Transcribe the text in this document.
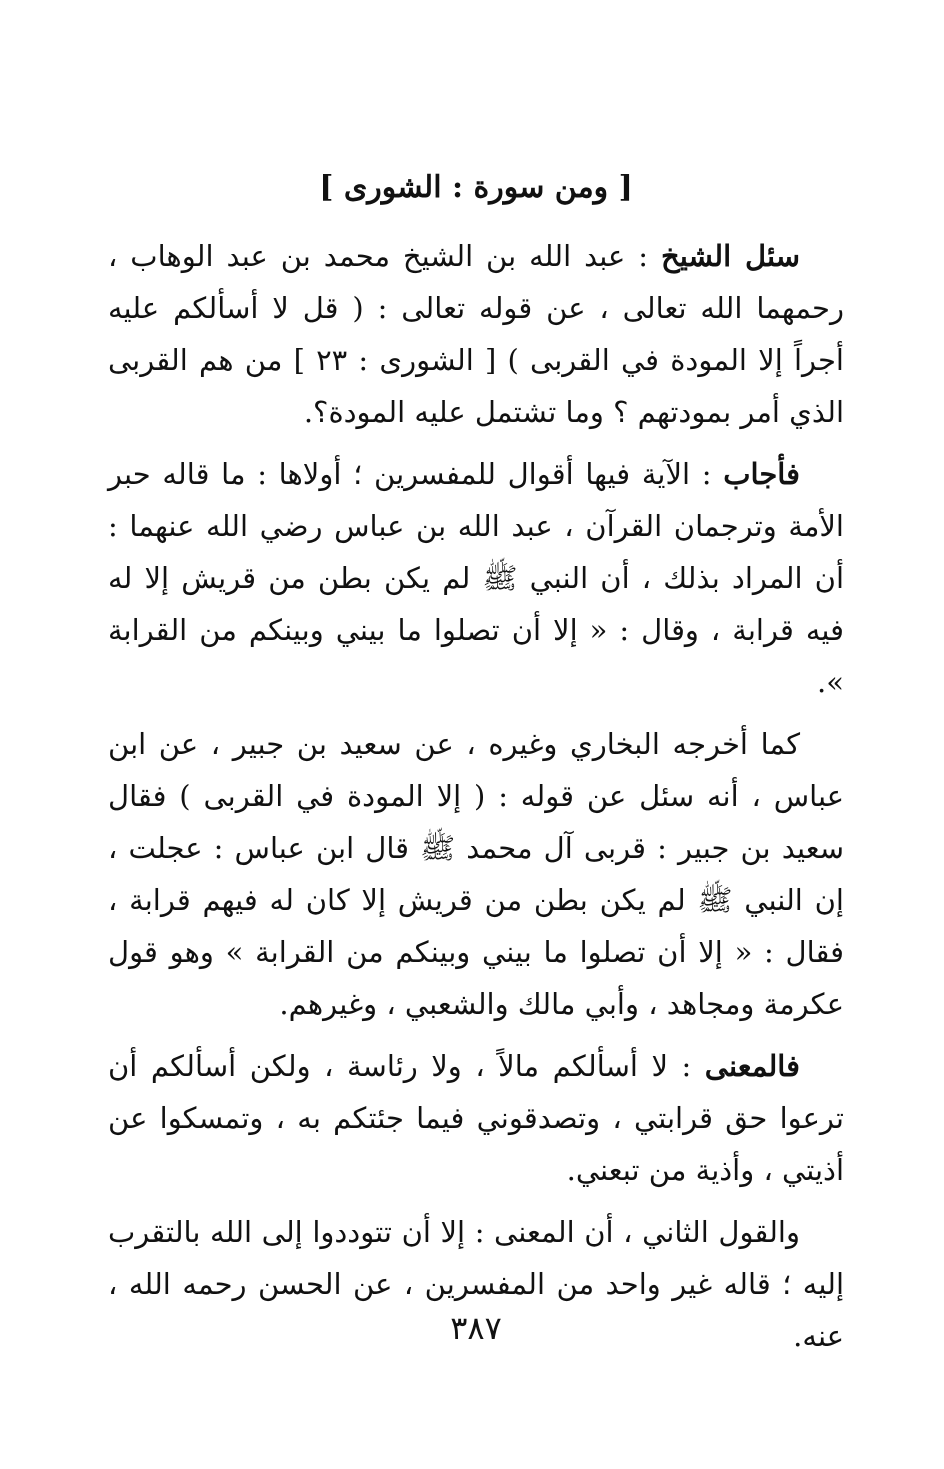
[ ومن سورة : الشورى ]

سئل الشيخ : عبد الله بن الشيخ محمد بن عبد الوهاب ، رحمهما الله تعالى ، عن قوله تعالى : ( قل لا أسألكم عليه أجراً إلا المودة في القربى ) [ الشورى : ٢٣ ] من هم القربى الذي أمر بمودتهم ؟ وما تشتمل عليه المودة؟.

فأجاب : الآية فيها أقوال للمفسرين ؛ أولاها : ما قاله حبر الأمة وترجمان القرآن ، عبد الله بن عباس رضي الله عنهما : أن المراد بذلك ، أن النبي ﷺ لم يكن بطن من قريش إلا له فيه قرابة ، وقال : « إلا أن تصلوا ما بيني وبينكم من القرابة ».

كما أخرجه البخاري وغيره ، عن سعيد بن جبير ، عن ابن عباس ، أنه سئل عن قوله : ( إلا المودة في القربى ) فقال سعيد بن جبير : قربى آل محمد ﷺ قال ابن عباس : عجلت ، إن النبي ﷺ لم يكن بطن من قريش إلا كان له فيهم قرابة ، فقال : « إلا أن تصلوا ما بيني وبينكم من القرابة » وهو قول عكرمة ومجاهد ، وأبي مالك والشعبي ، وغيرهم.

فالمعنى : لا أسألكم مالاً ، ولا رئاسة ، ولكن أسألكم أن ترعوا حق قرابتي ، وتصدقوني فيما جئتكم به ، وتمسكوا عن أذيتي ، وأذية من تبعني.

والقول الثاني ، أن المعنى : إلا أن تتوددوا إلى الله بالتقرب إليه ؛ قاله غير واحد من المفسرين ، عن الحسن رحمه الله ، عنه.

٣٨٧
